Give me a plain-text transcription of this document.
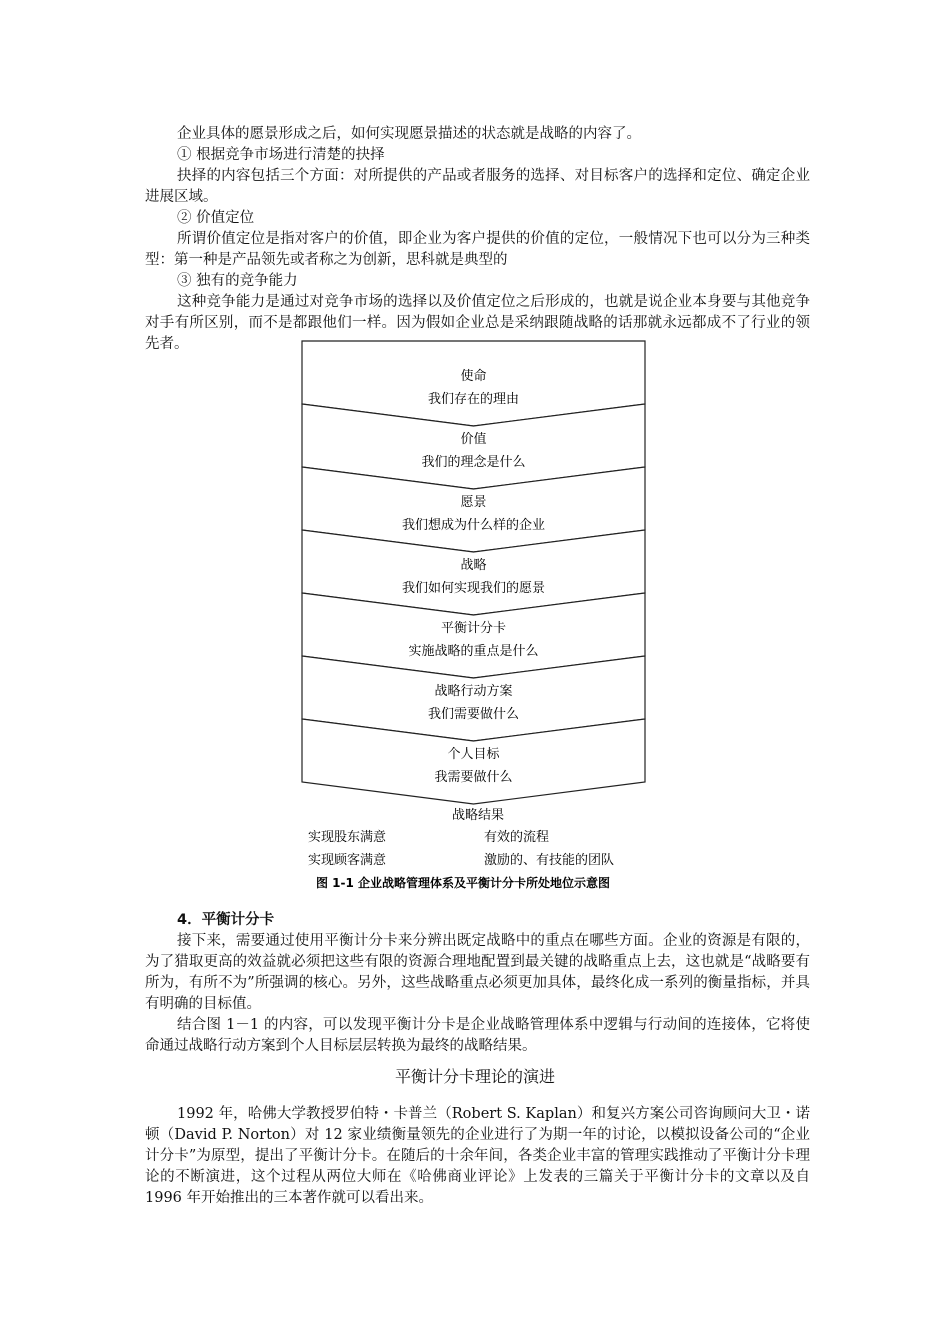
企业具体的愿景形成之后，如何实现愿景描述的状态就是战略的内容了。

① 根据竞争市场进行清楚的抉择

抉择的内容包括三个方面：对所提供的产品或者服务的选择、对目标客户的选择和定位、确定企业进展区域。

② 价值定位

所谓价值定位是指对客户的价值，即企业为客户提供的价值的定位，一般情况下也可以分为三种类型：第一种是产品领先或者称之为创新，思科就是典型的

③ 独有的竞争能力

这种竞争能力是通过对竞争市场的选择以及价值定位之后形成的，也就是说企业本身要与其他竞争对手有所区别，而不是都跟他们一样。因为假如企业总是采纳跟随战略的话那就永远都成不了行业的领先者。

使命
我们存在的理由
价值
我们的理念是什么
愿景
我们想成为什么样的企业
战略
我们如何实现我们的愿景
平衡计分卡
实施战略的重点是什么
战略行动方案
我们需要做什么
个人目标
我需要做什么
战略结果
实现股东满意
实现顾客满意
有效的流程
激励的、有技能的团队
图 1-1 企业战略管理体系及平衡计分卡所处地位示意图

4．平衡计分卡

接下来，需要通过使用平衡计分卡来分辨出既定战略中的重点在哪些方面。企业的资源是有限的，为了猎取更高的效益就必须把这些有限的资源合理地配置到最关键的战略重点上去，这也就是“战略要有所为，有所不为”所强调的核心。另外，这些战略重点必须更加具体，最终化成一系列的衡量指标，并具有明确的目标值。

结合图 1－1 的内容，可以发现平衡计分卡是企业战略管理体系中逻辑与行动间的连接体，它将使命通过战略行动方案到个人目标层层转换为最终的战略结果。

平衡计分卡理论的演进

1992 年，哈佛大学教授罗伯特・卡普兰（Robert S. Kaplan）和复兴方案公司咨询顾问大卫・诺顿（David P. Norton）对 12 家业绩衡量领先的企业进行了为期一年的讨论，以模拟设备公司的“企业计分卡”为原型，提出了平衡计分卡。在随后的十余年间，各类企业丰富的管理实践推动了平衡计分卡理论的不断演进，这个过程从两位大师在《哈佛商业评论》上发表的三篇关于平衡计分卡的文章以及自 1996 年开始推出的三本著作就可以看出来。
